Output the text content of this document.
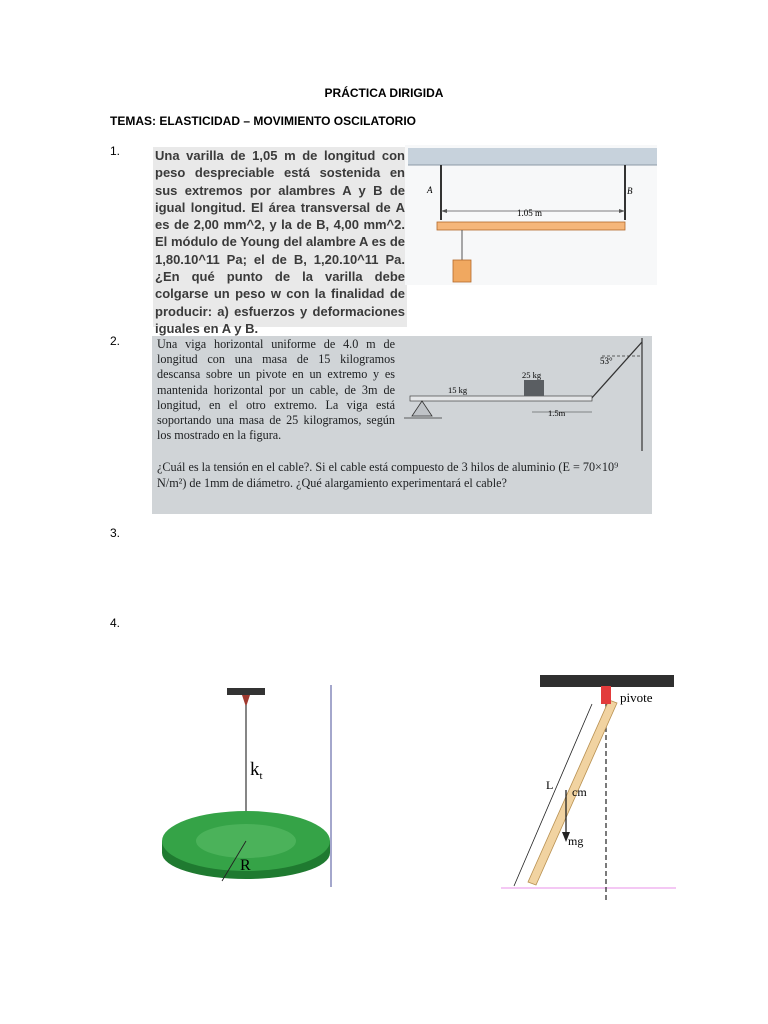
PRÁCTICA DIRIGIDA
TEMAS: ELASTICIDAD – MOVIMIENTO OSCILATORIO
1.	Una varilla de 1,05 m de longitud con peso despreciable está sostenida en sus extremos por alambres A y B de igual longitud. El área transversal de A es de 2,00 mm^2, y la de B, 4,00 mm^2. El módulo de Young del alambre A es de 1,80.10^11 Pa; el de B, 1,20.10^11 Pa. ¿En qué punto de la varilla debe colgarse un peso w con la finalidad de producir: a) esfuerzos y deformaciones iguales en A y B.
A	B
1.05 m
2.	Una viga horizontal uniforme de 4.0 m de longitud con una masa de 15 kilogramos descansa sobre un pivote en un extremo y es mantenida horizontal por un cable, de 3m de longitud, en el otro extremo. La viga está soportando una masa de 25 kilogramos, según los mostrado en la figura.
53°
25 kg
15 kg
1.5m
¿Cuál es la tensión en el cable?. Si el cable está compuesto de 3 hilos de aluminio (E = 70×10⁹ N/m²) de 1mm de diámetro. ¿Qué alargamiento experimentará el cable?
3.
4.
$k_t$
R
pivote
L cm
mg
